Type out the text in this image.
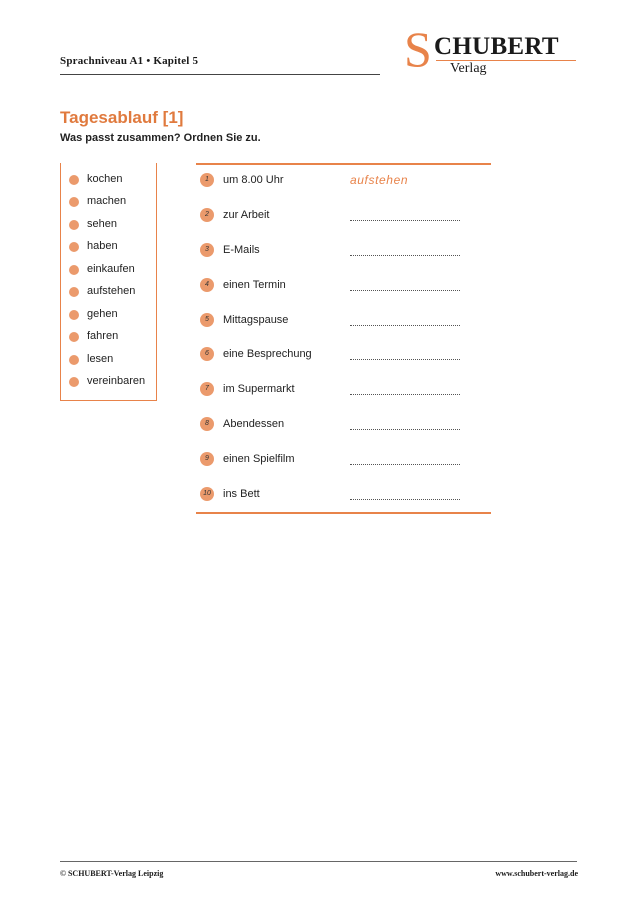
Sprachniveau A1 • Kapitel 5	S CHUBERT
Verlag
Tagesablauf [1]
Was passt zusammen? Ordnen Sie zu.
kochen
machen
sehen
haben
einkaufen
aufstehen
gehen
fahren
lesen
vereinbaren
1	um 8.00 Uhr	aufstehen
2	zur Arbeit
3	E-Mails
4	einen Termin
5	Mittagspause
6	eine Besprechung
7	im Supermarkt
8	Abendessen
9	einen Spielfilm
10 ins Bett
© SCHUBERT-Verlag Leipzig	www.schubert-verlag.de
